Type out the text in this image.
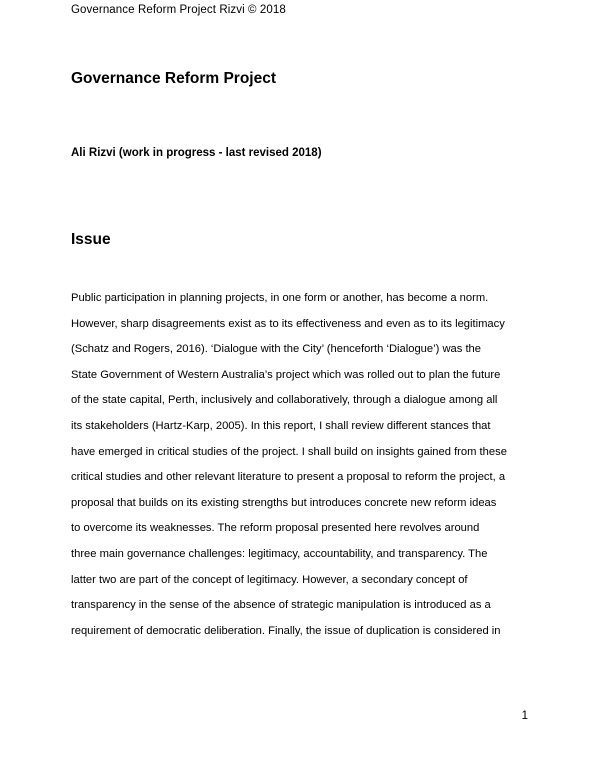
Governance Reform Project Rizvi © 2018
Governance Reform Project

Ali Rizvi (work in progress - last revised 2018)

Issue

Public participation in planning projects, in one form or another, has become a norm.
However, sharp disagreements exist as to its effectiveness and even as to its legitimacy
(Schatz and Rogers, 2016). ‘Dialogue with the City’ (henceforth ‘Dialogue’) was the
State Government of Western Australia’s project which was rolled out to plan the future
of the state capital, Perth, inclusively and collaboratively, through a dialogue among all
its stakeholders (Hartz-Karp, 2005). In this report, I shall review different stances that
have emerged in critical studies of the project. I shall build on insights gained from these
critical studies and other relevant literature to present a proposal to reform the project, a
proposal that builds on its existing strengths but introduces concrete new reform ideas
to overcome its weaknesses. The reform proposal presented here revolves around
three main governance challenges: legitimacy, accountability, and transparency. The
latter two are part of the concept of legitimacy. However, a secondary concept of
transparency in the sense of the absence of strategic manipulation is introduced as a
requirement of democratic deliberation. Finally, the issue of duplication is considered in

1
